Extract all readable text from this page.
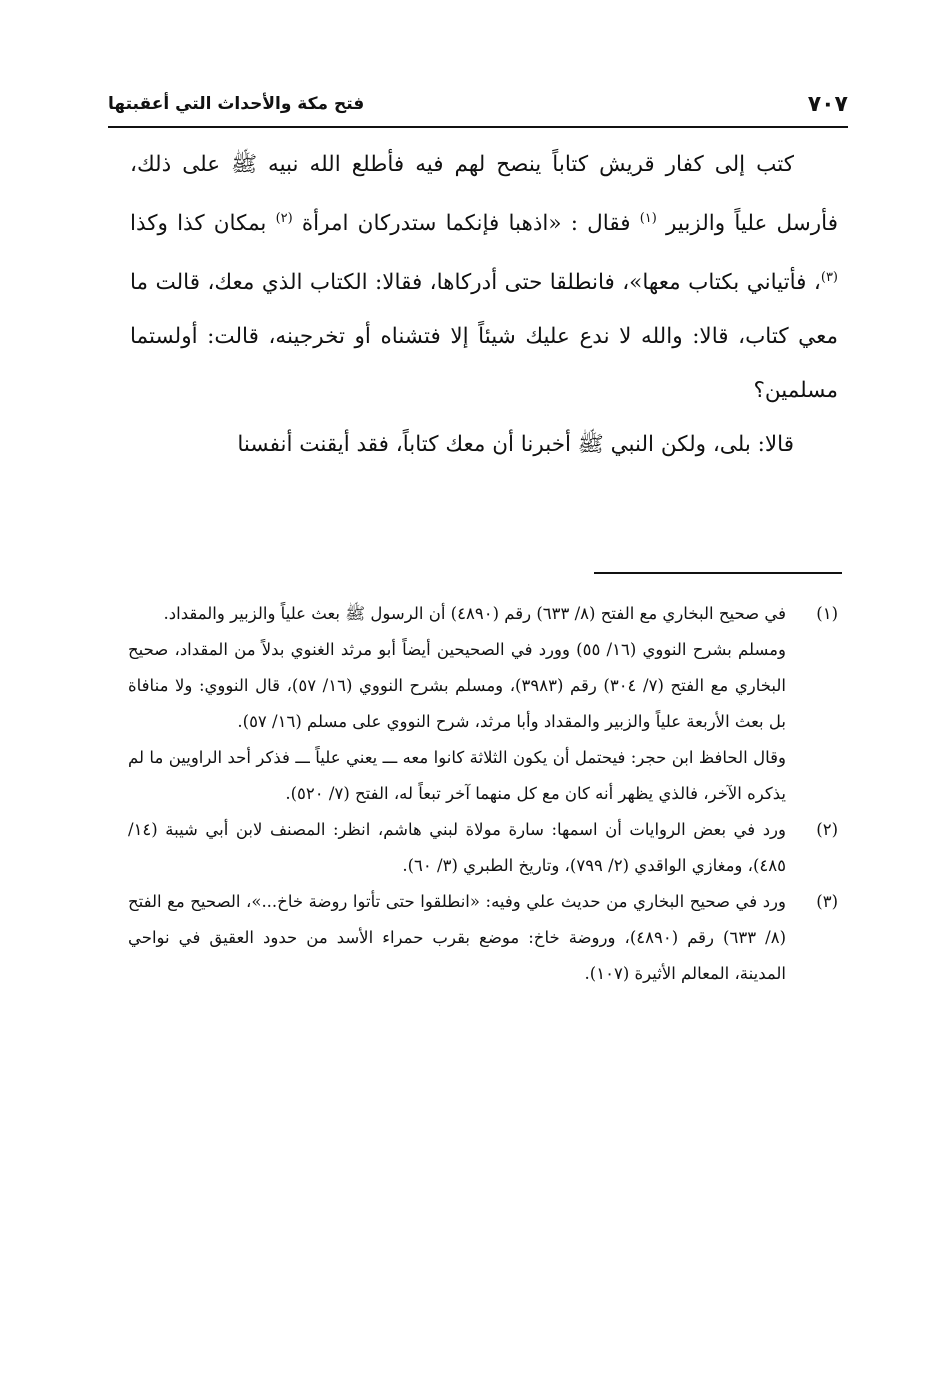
٧٠٧
فتح مكة والأحداث التي أعقبتها

كتب إلى كفار قريش كتاباً ينصح لهم فيه فأطلع الله نبيه ﷺ على ذلك، فأرسل علياً والزبير $^{(١)}$ فقال : «اذهبا فإنكما ستدركان امرأة $^{(٢)}$ بمكان كذا وكذا $^{(٣)}$، فأتياني بكتاب معها»، فانطلقا حتى أدركاها، فقالا: الكتاب الذي معك، قالت ما معي كتاب، قالا: والله لا ندع عليك شيئاً إلا فتشناه أو تخرجينه، قالت: أولستما مسلمين؟

قالا: بلى، ولكن النبي ﷺ أخبرنا أن معك كتاباً، فقد أيقنت أنفسنا

(١)

في صحيح البخاري مع الفتح (٨/ ٦٣٣) رقم (٤٨٩٠) أن الرسول ﷺ بعث علياً والزبير والمقداد.

ومسلم بشرح النووي (١٦/ ٥٥) وورد في الصحيحين أيضاً أبو مرثد الغنوي بدلاً من المقداد، صحيح البخاري مع الفتح (٧/ ٣٠٤) رقم (٣٩٨٣)، ومسلم بشرح النووي (١٦/ ٥٧)، قال النووي: ولا منافاة بل بعث الأربعة علياً والزبير والمقداد وأبا مرثد، شرح النووي على مسلم (١٦/ ٥٧).

وقال الحافظ ابن حجر: فيحتمل أن يكون الثلاثة كانوا معه ـــ يعني علياً ـــ فذكر أحد الراويين ما لم يذكره الآخر، فالذي يظهر أنه كان مع كل منهما آخر تبعاً له، الفتح (٧/ ٥٢٠).

(٢)

ورد في بعض الروايات أن اسمها: سارة مولاة لبني هاشم، انظر: المصنف لابن أبي شيبة (١٤/ ٤٨٥)، ومغازي الواقدي (٢/ ٧٩٩)، وتاريخ الطبري (٣/ ٦٠).

(٣)

ورد في صحيح البخاري من حديث علي وفيه: «انطلقوا حتى تأتوا روضة خاخ...»، الصحيح مع الفتح (٨/ ٦٣٣) رقم (٤٨٩٠)، وروضة خاخ: موضع بقرب حمراء الأسد من حدود العقيق في نواحي المدينة، المعالم الأثيرة (١٠٧).
